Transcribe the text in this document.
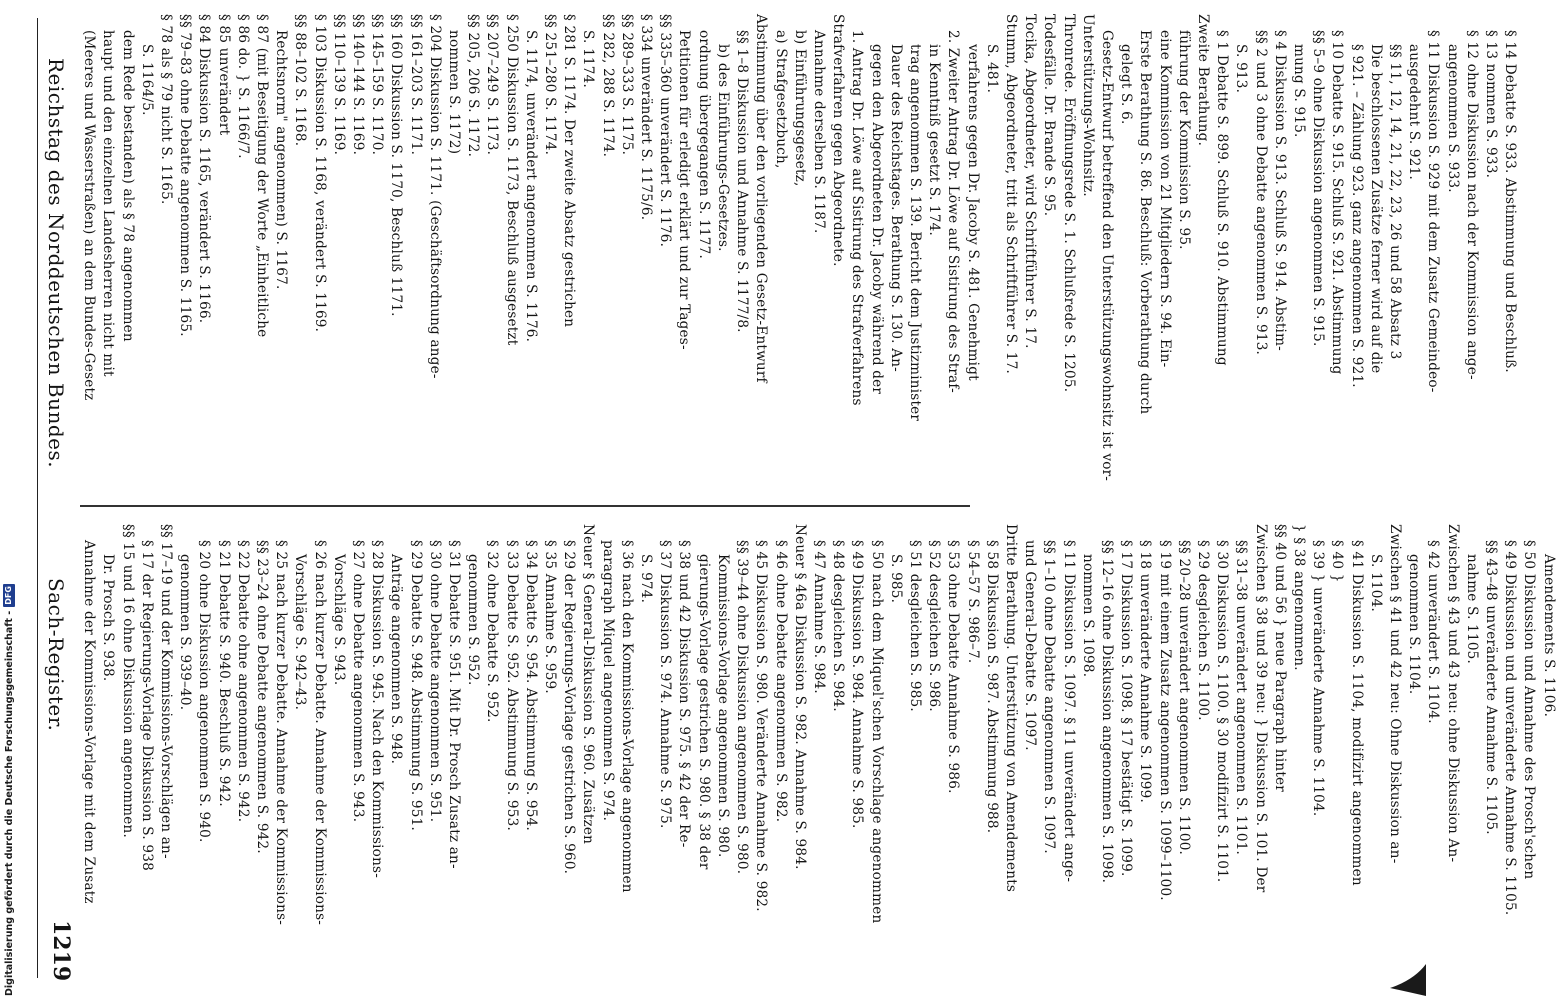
Digitalisierung gefördert durch die Deutsche Forschungsgemeinschaft -
DFG
Reichstag des Norddeutschen Bundes.
Sach-Register.
1219
(Meeres und Wasserstraßen) an dem Bundes-Gesetz haupt und den einzelnen Landesherren nicht mit dem Rede bestanden) als § 78 angenommen S. 1164/5. § 78 als § 79 nicht S. 1165. §§ 79–83 ohne Debatte angenommen S. 1165. § 84 Diskussion S. 1165, verändert S. 1166. § 85 unverändert § 86 do. } S. 1166/7. § 87 (mit Beseitigung der Worte „Einheitliche Rechtsnorm" angenommen) S. 1167. §§ 88–102 S. 1168. § 103 Diskussion S. 1168, verändert S. 1169. §§ 110–139 S. 1169. §§ 140–144 S. 1169. §§ 145–159 S. 1170. §§ 160 Diskussion S. 1170, Beschluß 1171. §§ 161–203 S. 1171. § 204 Diskussion S. 1171. (Geschäftsordnung ange- nommen S. 1172) §§ 205, 206 S. 1172. §§ 207–249 S. 1173. § 250 Diskussion S. 1173, Beschluß ausgesetzt S. 1174, unverändert angenommen S. 1176. §§ 251–280 S. 1174. § 281 S. 1174. Der zweite Absatz gestrichen S. 1174. §§ 282, 288 S. 1174. §§ 289–333 S. 1175. § 334 unverändert S. 1175/6. §§ 335–360 unverändert S. 1176. Petitionen für erledigt erklärt und zur Tages- ordnung übergegangen S. 1177. b) des Einführungs-Gesetzes. §§ 1–8 Diskussion und Annahme S. 1177/8. Abstimmung über den vorliegenden Gesetz-Entwurf a) Strafgesetzbuch, b) Einführungsgesetz, Annahme derselben S. 1187. Strafverfahren gegen Abgeordnete. 1. Antrag Dr. Löwe auf Sistirung des Strafverfahrens gegen den Abgeordneten Dr. Jacoby während der Dauer des Reichstages. Berathung S. 130. An- trag angenommen S. 139. Bericht dem Justizminister in Kenntniß gesetzt S. 174. 2. Zweiter Antrag Dr. Löwe auf Sistirung des Straf- verfahrens gegen Dr. Jacoby S. 481. Genehmigt S. 481. Stumm, Abgeordneter, tritt als Schriftführer S. 17. Tocika, Abgeordneter, wird Schriftführer S. 17. Todesfälle. Dr. Brande S. 95. Thronrede. Eröffnungsrede S. 1. Schlußrede S. 1205. Unterstützungs-Wohnsitz. Gesetz-Entwurf betreffend den Unterstützungswohnsitz ist vor- gelegt S. 6. Erste Berathung S. 86. Beschluß: Vorberathung durch eine Kommission von 21 Mitgliedern S. 94. Ein- führung der Kommission S. 95. Zweite Berathung. § 1 Debatte S. 899. Schluß S. 910. Abstimmung S. 913. §§ 2 und 3 ohne Debatte angenommen S. 913. § 4 Diskussion S. 913. Schluß S. 914. Abstim- mung S. 915. §§ 5–9 ohne Diskussion angenommen S. 915. § 10 Debatte S. 915. Schluß S. 921. Abstimmung § 921. – Zählung 923. ganz angenommen S. 921. Die beschlossenen Zusätze ferner wird auf die §§ 11, 12, 14, 21, 22, 23, 26 und 58 Absatz 3 ausgedehnt S. 921. § 11 Diskussion S. 929 mit dem Zusatz Gemeindeo- angenommen S. 933. § 12 ohne Diskussion nach der Kommission ange- § 13 nommen S. 933. § 14 Debatte S. 933. Abstimmung und Beschluß.
Annahme der Kommissions-Vorlage mit dem Zusatz Dr. Prosch S. 938. §§ 15 und 16 ohne Diskussion angenommen. § 17 der Regierungs-Vorlage Diskussion S. 938 §§ 17–19 und der Kommissions-Vorschlägen an- genommen S. 939–40. § 20 ohne Diskussion angenommen S. 940. § 21 Debatte S. 940. Beschluß S. 942. § 22 Debatte ohne angenommen S. 942. §§ 23–24 ohne Debatte angenommen S. 942. § 25 nach kurzer Debatte. Annahme der Kommissions- Vorschläge S. 942–43. § 26 nach kurzer Debatte. Annahme der Kommissions- Vorschläge S. 943. § 27 ohne Debatte angenommen S. 943. § 28 Diskussion S. 945. Nach den Kommissions- Anträge angenommen S. 948. § 29 Debatte S. 948. Abstimmung S. 951. § 30 ohne Debatte angenommen S. 951. § 31 Debatte S. 951. Mit Dr. Prosch Zusatz an- genommen S. 952. § 32 ohne Debatte S. 952. § 33 Debatte S. 952. Abstimmung S. 953. § 34 Debatte S. 954. Abstimmung S. 954. § 35 Annahme S. 959. § 29 der Regierungs-Vorlage gestrichen S. 960. Neuer § General-Diskussion S. 960. Zusätzen paragraph Miquel angenommen S. 974. § 36 nach den Kommissions-Vorlage angenommen S. 974. § 37 Diskussion S. 974. Annahme S. 975. § 38 und 42 Diskussion S. 975. § 42 der Re- gierungs-Vorlage gestrichen S. 980. § 38 der Kommissions-Vorlage angenommen S. 980. §§ 39–44 ohne Diskussion angenommen S. 980. § 45 Diskussion S. 980. Veränderte Annahme S. 982. § 46 ohne Debatte angenommen S. 982. Neuer § 46a Diskussion S. 982. Annahme S. 984. § 47 Annahme S. 984. § 48 desgleichen S. 984. § 49 Diskussion S. 984. Annahme S. 985. § 50 nach dem Miquel'schen Vorschlage angenommen S. 985. § 51 desgleichen S. 985. § 52 desgleichen S. 986. § 53 ohne Debatte Annahme S. 986. § 54–57 S. 986–7. § 58 Diskussion S. 987. Abstimmung 988. Dritte Berathung. Unterstützung von Amendements und General-Debatte S. 1097. §§ 1–10 ohne Debatte angenommen S. 1097. § 11 Diskussion S. 1097. § 11 unverändert ange- nommen S. 1098. §§ 12–16 ohne Diskussion angenommen S. 1098. § 17 Diskussion S. 1098. § 17 bestätigt S. 1099. § 18 unveränderte Annahme S. 1099. § 19 mit einem Zusatz angenommen S. 1099–1100. §§ 20–28 unverändert angenommen S. 1100. § 29 desgleichen S. 1100. § 30 Diskussion S. 1100. § 30 modifizirt S. 1101. §§ 31–38 unverändert angenommen S. 1101. Zwischen § 38 und 39 neu: } Diskussion S. 101. Der §§ 40 und 56 } neue Paragraph hinter } § 38 angenommen. § 39 } unveränderte Annahme S. 1104. § 40 } § 41 Diskussion S. 1104, modifizirt angenommen S. 1104. Zwischen § 41 und 42 neu: Ohne Diskussion an- genommen S. 1104. § 42 unverändert S. 1104. Zwischen § 43 und 43 neu: ohne Diskussion An- nahme S. 1105. §§ 43–48 unveränderte Annahme S. 1105. § 49 Diskussion und unveränderte Annahme S. 1105. § 50 Diskussion und Annahme des Prosch'schen Amendements S. 1106.
